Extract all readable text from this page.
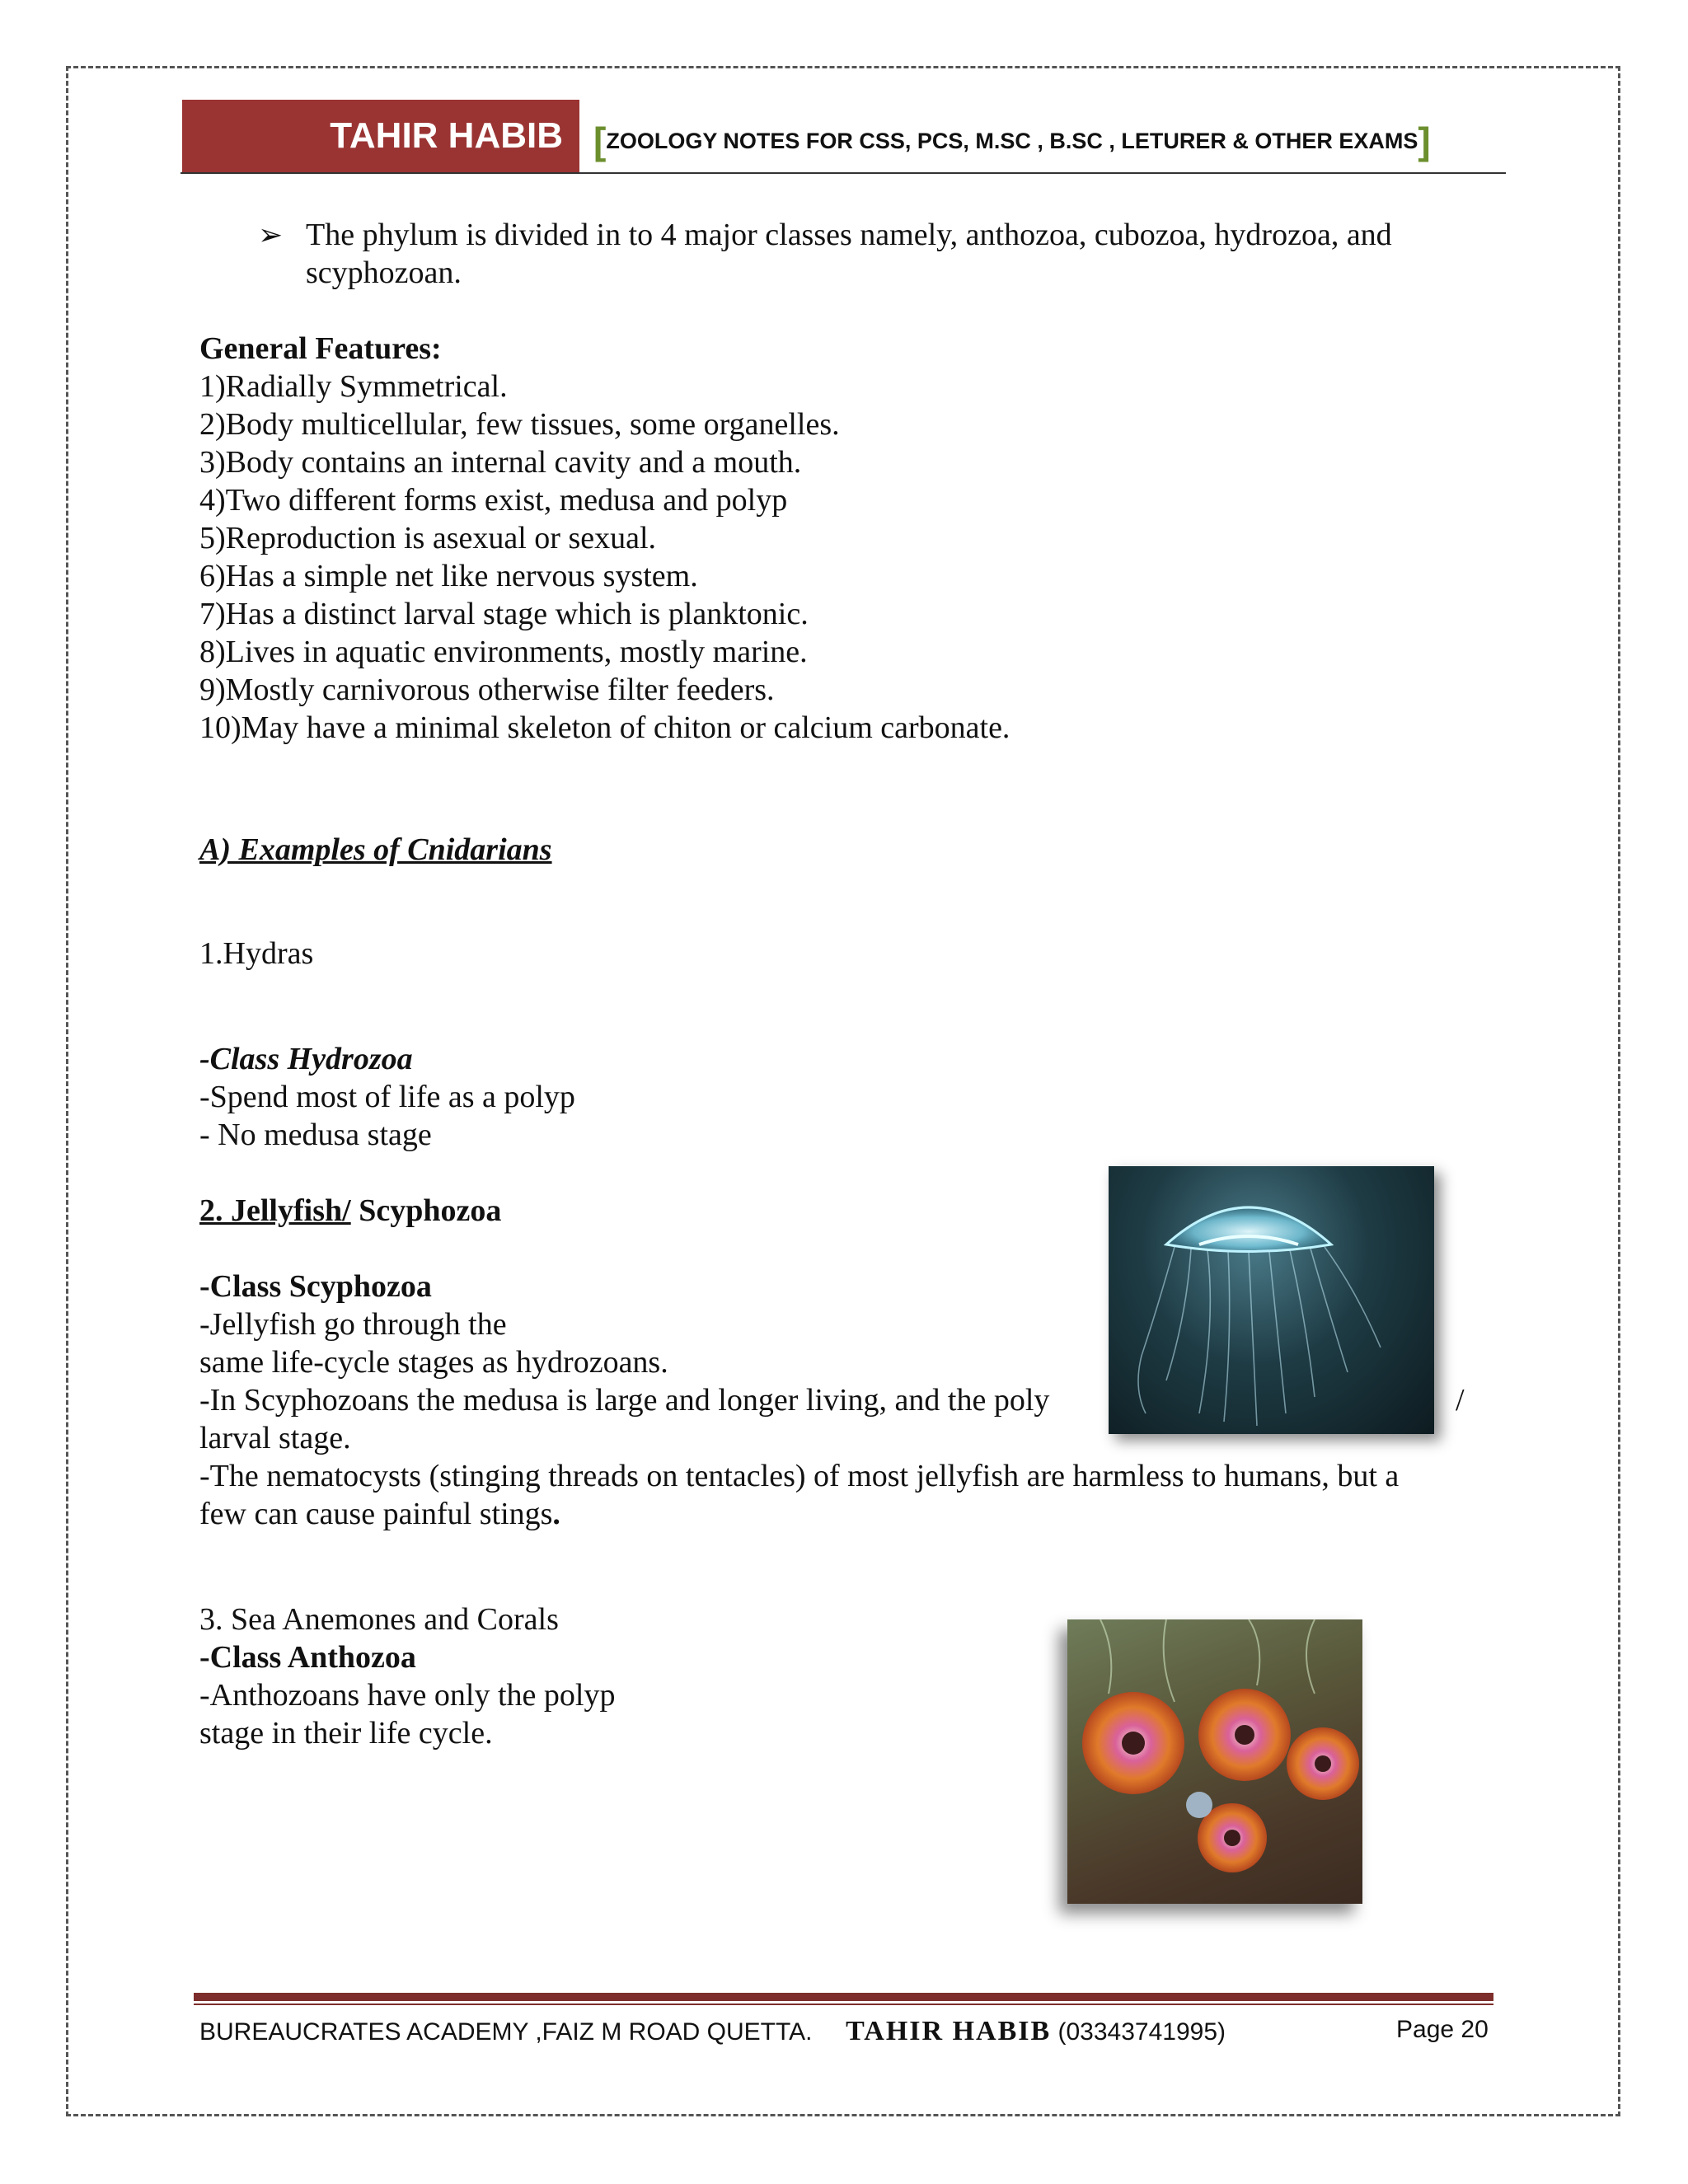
TAHIR HABIB [ ZOOLOGY NOTES FOR CSS, PCS, M.SC , B.SC , LETURER & OTHER EXAMS ]
➢ The phylum is divided in to 4 major classes namely, anthozoa, cubozoa, hydrozoa, and scyphozoan.
General Features:
1)Radially Symmetrical.
2)Body multicellular, few tissues, some organelles.
3)Body contains an internal cavity and a mouth.
4)Two different forms exist, medusa and polyp
5)Reproduction is asexual or sexual.
6)Has a simple net like nervous system.
7)Has a distinct larval stage which is planktonic.
8)Lives in aquatic environments, mostly marine.
9)Mostly carnivorous otherwise filter feeders.
10)May have a minimal skeleton of chiton or calcium carbonate.
A) Examples of Cnidarians
1.Hydras
-Class Hydrozoa
-Spend most of life as a polyp
- No medusa stage
2. Jellyfish/ Scyphozoa
-Class Scyphozoa
-Jellyfish go through the
same life-cycle stages as hydrozoans.
-In Scyphozoans the medusa is large and longer living, and the poly	/
larval stage.
-The nematocysts (stinging threads on tentacles) of most jellyfish are harmless to humans, but a
few can cause painful stings.
3. Sea Anemones and Corals
-Class Anthozoa
-Anthozoans have only the polyp
stage in their life cycle.
BUREAUCRATES ACADEMY ,FAIZ M ROAD QUETTA. TAHIR HABIB (03343741995)	Page 20
